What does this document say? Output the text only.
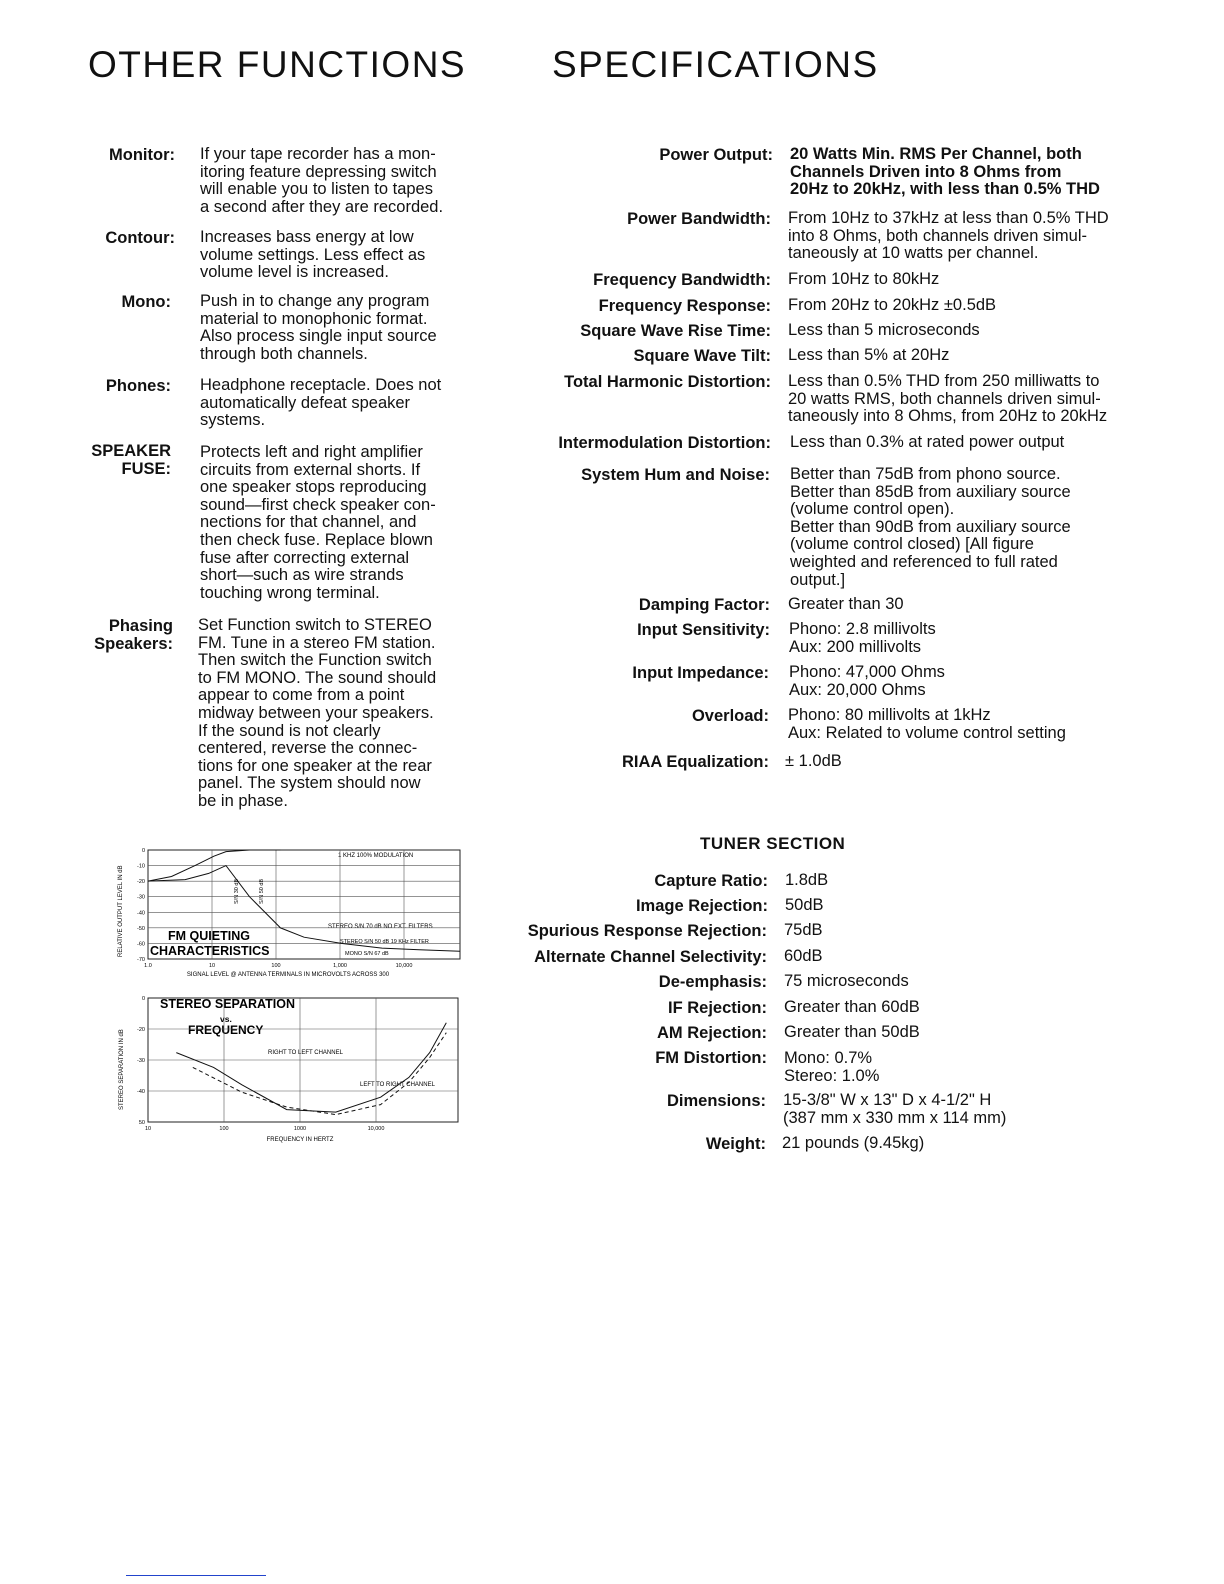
OTHER FUNCTIONS SPECIFICATIONS
Monitor: If your tape recorder has a mon-
itoring feature depressing switch
will enable you to listen to tapes
a second after they are recorded.
Contour: Increases bass energy at low
volume settings. Less effect as
volume level is increased.
Mono: Push in to change any program
material to monophonic format.
Also process single input source
through both channels.
Phones: Headphone receptacle. Does not
automatically defeat speaker
systems.
SPEAKER
FUSE:
Protects left and right amplifier
circuits from external shorts. If
one speaker stops reproducing
sound—first check speaker con-
nections for that channel, and
then check fuse. Replace blown
fuse after correcting external
short—such as wire strands
touching wrong terminal.
Phasing
Speakers:
Set Function switch to STEREO
FM. Tune in a stereo FM station.
Then switch the Function switch
to FM MONO. The sound should
appear to come from a point
midway between your speakers.
If the sound is not clearly
centered, reverse the connec-
tions for one speaker at the rear
panel. The system should now
be in phase.
Power Output: 20 Watts Min. RMS Per Channel, both
Channels Driven into 8 Ohms from
20Hz to 20kHz, with less than 0.5% THD
Power Bandwidth: From 10Hz to 37kHz at less than 0.5% THD
into 8 Ohms, both channels driven simul-
taneously at 10 watts per channel.
Frequency Bandwidth: From 10Hz to 80kHz
Frequency Response: From 20Hz to 20kHz ±0.5dB
Square Wave Rise Time: Less than 5 microseconds
Square Wave Tilt: Less than 5% at 20Hz
Total Harmonic Distortion: Less than 0.5% THD from 250 milliwatts to
20 watts RMS, both channels driven simul-
taneously into 8 Ohms, from 20Hz to 20kHz
Intermodulation Distortion: Less than 0.3% at rated power output
System Hum and Noise: Better than 75dB from phono source.
Better than 85dB from auxiliary source
(volume control open).
Better than 90dB from auxiliary source
(volume control closed) [All figure
weighted and referenced to full rated
output.]
Damping Factor: Greater than 30
Input Sensitivity: Phono: 2.8 millivolts
Aux: 200 millivolts
Input Impedance: Phono: 47,000 Ohms
Aux: 20,000 Ohms
Overload: Phono: 80 millivolts at 1kHz
Aux: Related to volume control setting
RIAA Equalization: ± 1.0dB
TUNER SECTION
Capture Ratio: 1.8dB
Image Rejection: 50dB
Spurious Response Rejection: 75dB
Alternate Channel Selectivity: 60dB
De-emphasis: 75 microseconds
IF Rejection: Greater than 60dB
AM Rejection: Greater than 50dB
FM Distortion: Mono: 0.7%
Stereo: 1.0%
Dimensions: 15-3/8" W x 13" D x 4-1/2" H
(387 mm x 330 mm x 114 mm)
Weight: 21 pounds (9.45kg)
RELATIVE OUTPUT LEVEL IN dB
SIGNAL LEVEL @ ANTENNA TERMINALS IN MICROVOLTS ACROSS 300
1 KHZ 100% MODULATION
STEREO S/N 70 dB NO EXT. FILTERS
STEREO S/N 50 dB 19 KHz FILTER
MONO S/N 67 dB
S/N 30 dB	S/N 50 dB
FM QUIETING
CHARACTERISTICS
0
-10
-20
-30
-40
-50
-60
-70
1.0	10	100	1,000	10,000
STEREO SEPARATION IN dB
FREQUENCY IN HERTZ
STEREO SEPARATION
vs.
FREQUENCY
RIGHT TO LEFT CHANNEL
LEFT TO RIGHT CHANNEL
0
-20
-30
-40
50
10	100	1000	10,000
